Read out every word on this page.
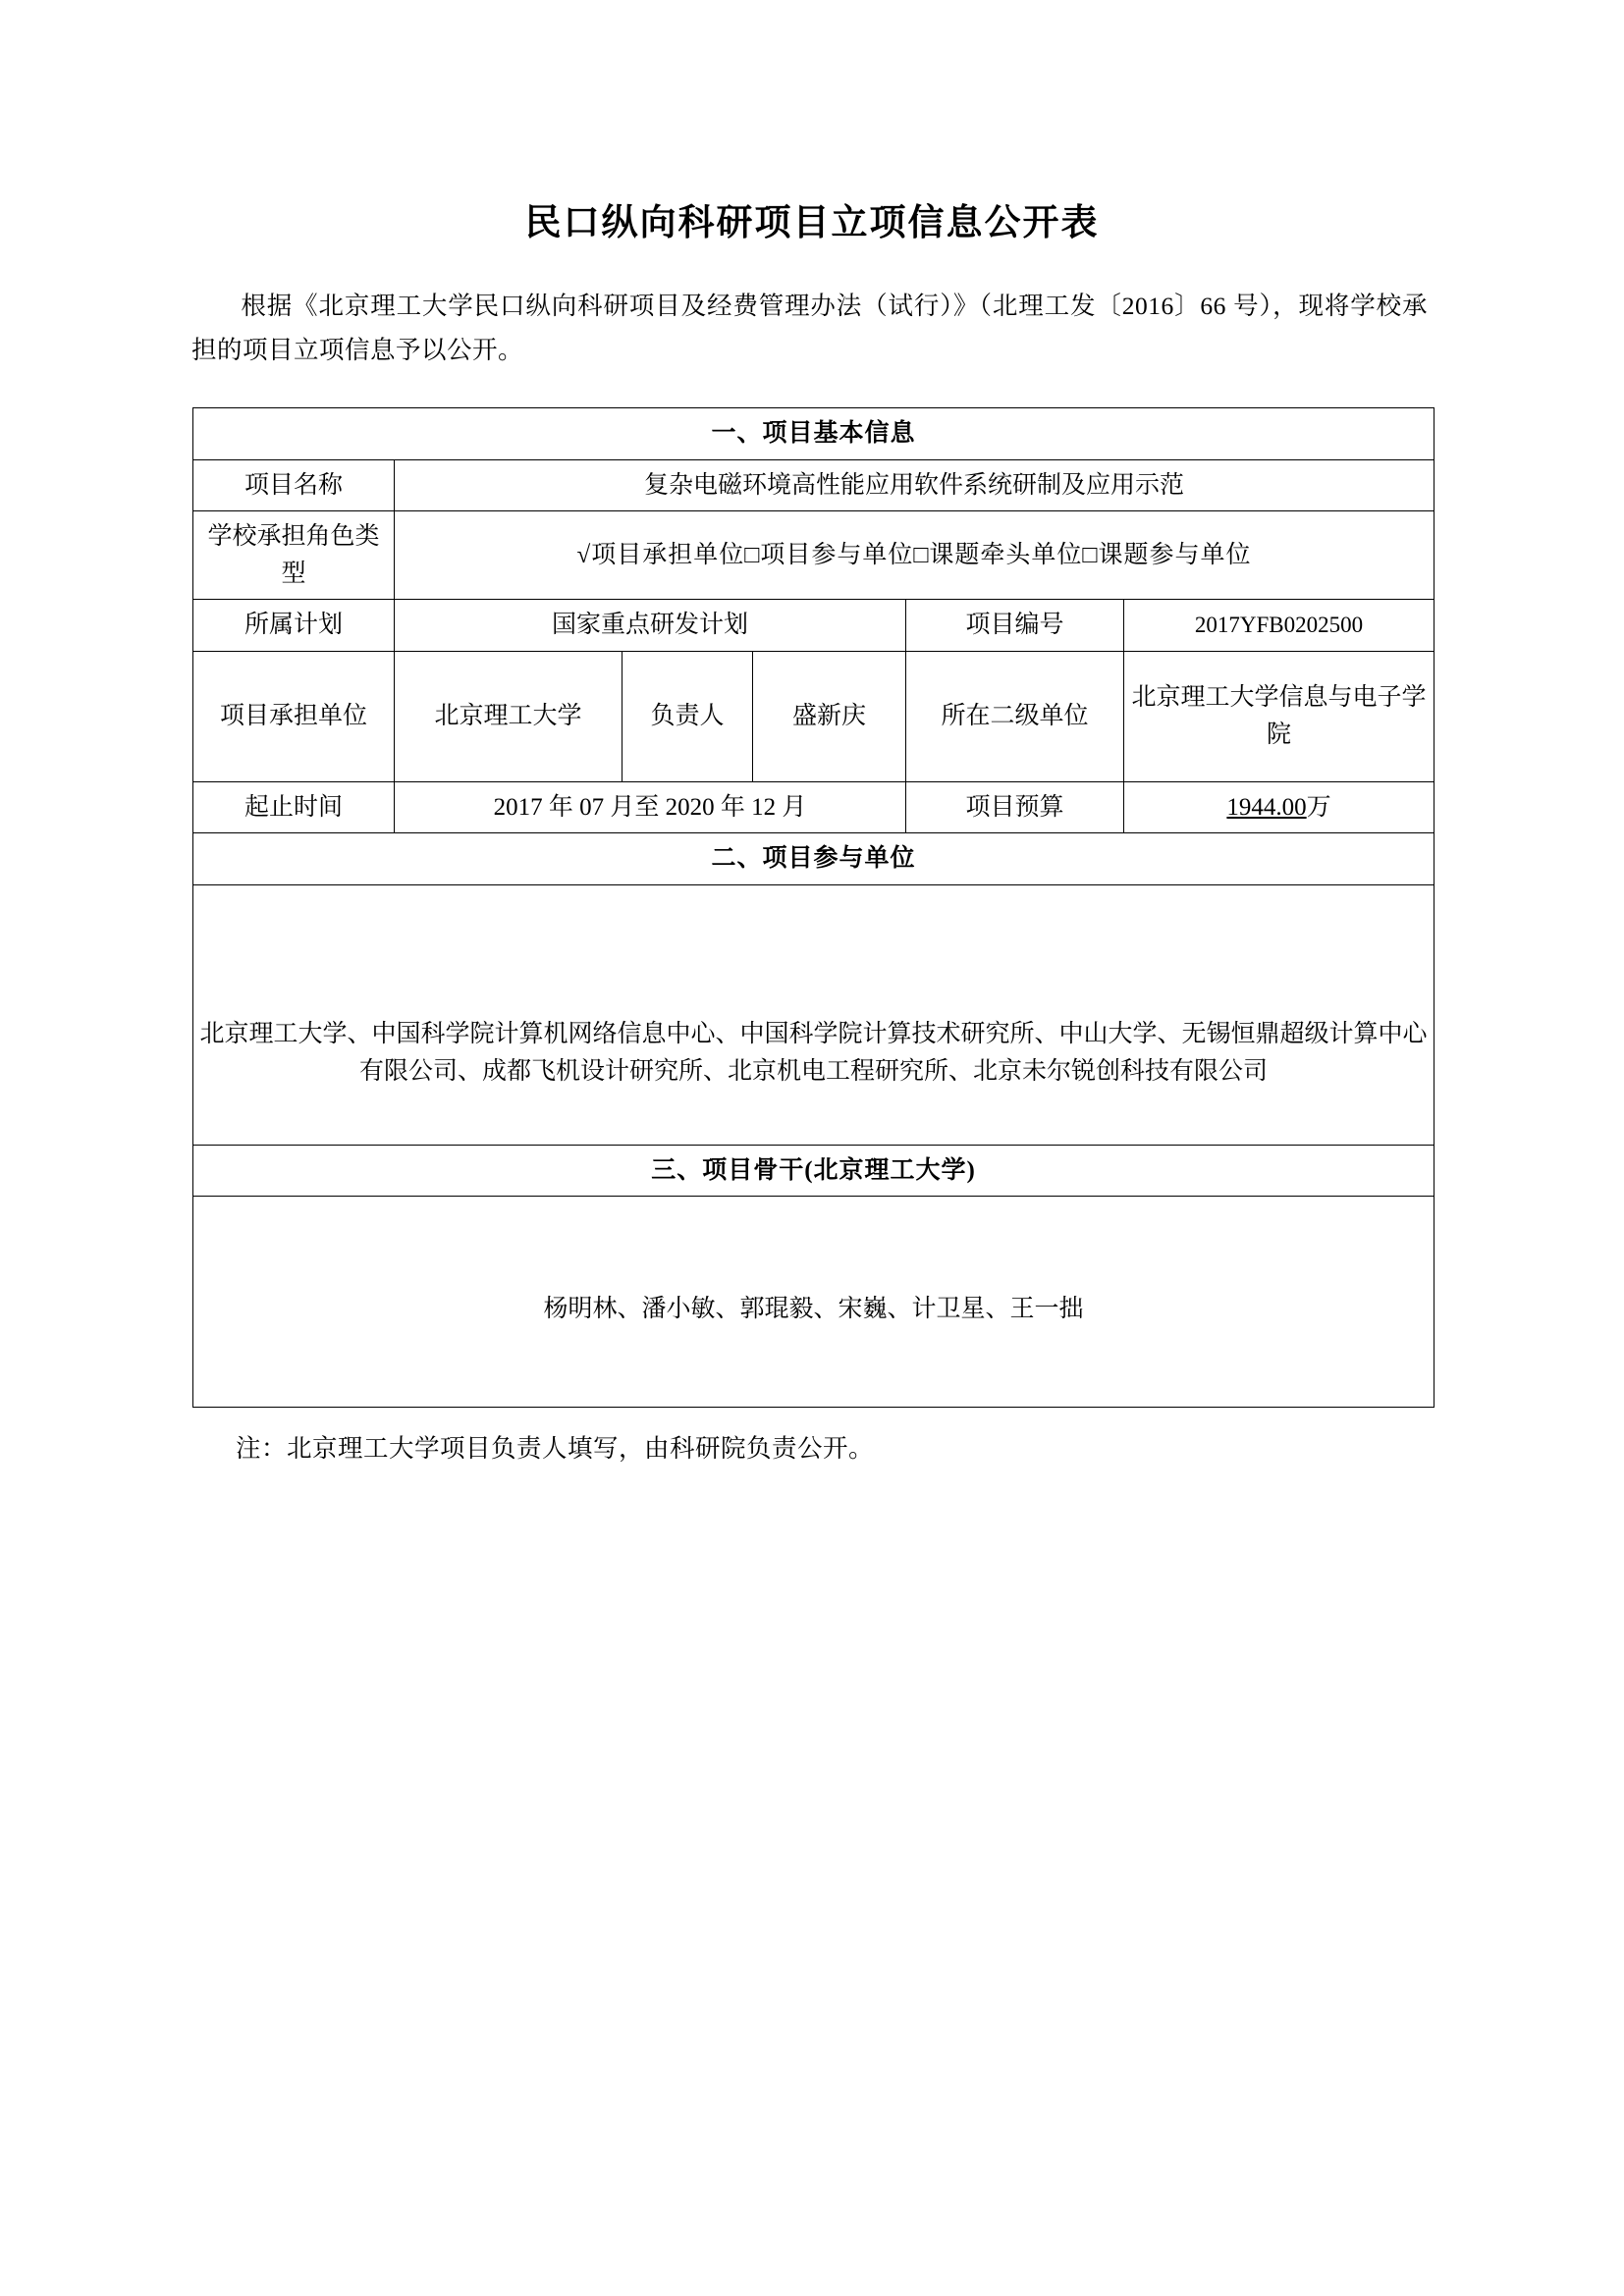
民口纵向科研项目立项信息公开表
根据《北京理工大学民口纵向科研项目及经费管理办法（试行）》（北理工发〔2016〕66 号），现将学校承担的项目立项信息予以公开。
一、项目基本信息					
项目名称	复杂电磁环境高性能应用软件系统研制及应用示范				
学校承担角色类型	√项目承担单位□项目参与单位□课题牵头单位□课题参与单位				
所属计划	国家重点研发计划			项目编号	2017YFB0202500
项目承担单位	北京理工大学	负责人	盛新庆	所在二级单位	北京理工大学信息与电子学院
起止时间	2017 年 07 月至 2020 年 12 月			项目预算	1944.00万
二、项目参与单位					

北京理工大学、中国科学院计算机网络信息中心、中国科学院计算技术研究所、中山大学、无锡恒鼎超级计算中心有限公司、成都飞机设计研究所、北京机电工程研究所、北京未尔锐创科技有限公司					

三、项目骨干(北京理工大学)					

杨明林、潘小敏、郭琨毅、宋巍、计卫星、王一拙					
注：北京理工大学项目负责人填写，由科研院负责公开。
